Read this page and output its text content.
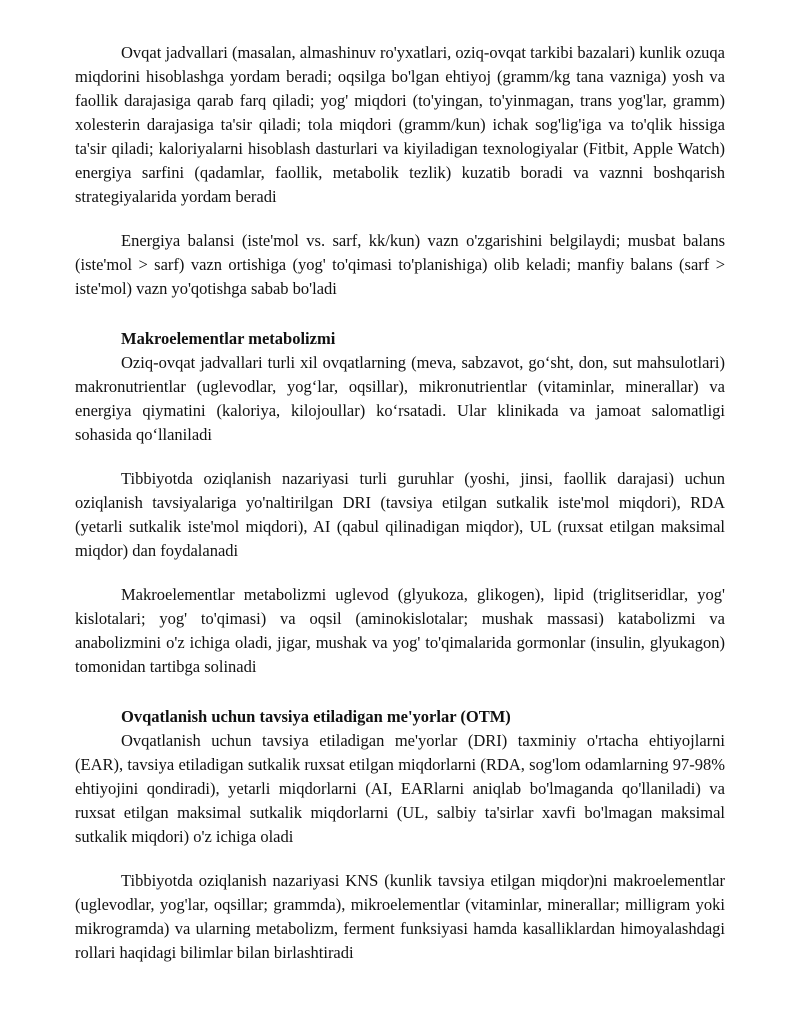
Ovqat jadvallari (masalan, almashinuv ro'yxatlari, oziq-ovqat tarkibi bazalari) kunlik ozuqa miqdorini hisoblashga yordam beradi; oqsilga bo'lgan ehtiyoj (gramm/kg tana vazniga) yosh va faollik darajasiga qarab farq qiladi; yog' miqdori (to'yingan, to'yinmagan, trans yog'lar, gramm) xolesterin darajasiga ta'sir qiladi; tola miqdori (gramm/kun) ichak sog'lig'iga va to'qlik hissiga ta'sir qiladi; kaloriyalarni hisoblash dasturlari va kiyiladigan texnologiyalar (Fitbit, Apple Watch) energiya sarfini (qadamlar, faollik, metabolik tezlik) kuzatib boradi va vaznni boshqarish strategiyalarida yordam beradi

Energiya balansi (iste'mol vs. sarf, kk/kun) vazn o'zgarishini belgilaydi; musbat balans (iste'mol > sarf) vazn ortishiga (yog' to'qimasi to'planishiga) olib keladi; manfiy balans (sarf > iste'mol) vazn yo'qotishga sabab bo'ladi

Makroelementlar metabolizmi

Oziq-ovqat jadvallari turli xil ovqatlarning (meva, sabzavot, go‘sht, don, sut mahsulotlari) makronutrientlar (uglevodlar, yog‘lar, oqsillar), mikronutrientlar (vitaminlar, minerallar) va energiya qiymatini (kaloriya, kilojoullar) ko‘rsatadi. Ular klinikada va jamoat salomatligi sohasida qo‘llaniladi

Tibbiyotda oziqlanish nazariyasi turli guruhlar (yoshi, jinsi, faollik darajasi) uchun oziqlanish tavsiyalariga yo'naltirilgan DRI (tavsiya etilgan sutkalik iste'mol miqdori), RDA (yetarli sutkalik iste'mol miqdori), AI (qabul qilinadigan miqdor), UL (ruxsat etilgan maksimal miqdor) dan foydalanadi

Makroelementlar metabolizmi uglevod (glyukoza, glikogen), lipid (triglitseridlar, yog' kislotalari; yog' to'qimasi) va oqsil (aminokislotalar; mushak massasi) katabolizmi va anabolizmini o'z ichiga oladi, jigar, mushak va yog' to'qimalarida gormonlar (insulin, glyukagon) tomonidan tartibga solinadi

Ovqatlanish uchun tavsiya etiladigan me'yorlar (OTM)

Ovqatlanish uchun tavsiya etiladigan me'yorlar (DRI) taxminiy o'rtacha ehtiyojlarni (EAR), tavsiya etiladigan sutkalik ruxsat etilgan miqdorlarni (RDA, sog'lom odamlarning 97-98% ehtiyojini qondiradi), yetarli miqdorlarni (AI, EARlarni aniqlab bo'lmaganda qo'llaniladi) va ruxsat etilgan maksimal sutkalik miqdorlarni (UL, salbiy ta'sirlar xavfi bo'lmagan maksimal sutkalik miqdori) o'z ichiga oladi

Tibbiyotda oziqlanish nazariyasi KNS (kunlik tavsiya etilgan miqdor)ni makroelementlar (uglevodlar, yog'lar, oqsillar; grammda), mikroelementlar (vitaminlar, minerallar; milligram yoki mikrogramda) va ularning metabolizm, ferment funksiyasi hamda kasalliklardan himoyalashdagi rollari haqidagi bilimlar bilan birlashtiradi
